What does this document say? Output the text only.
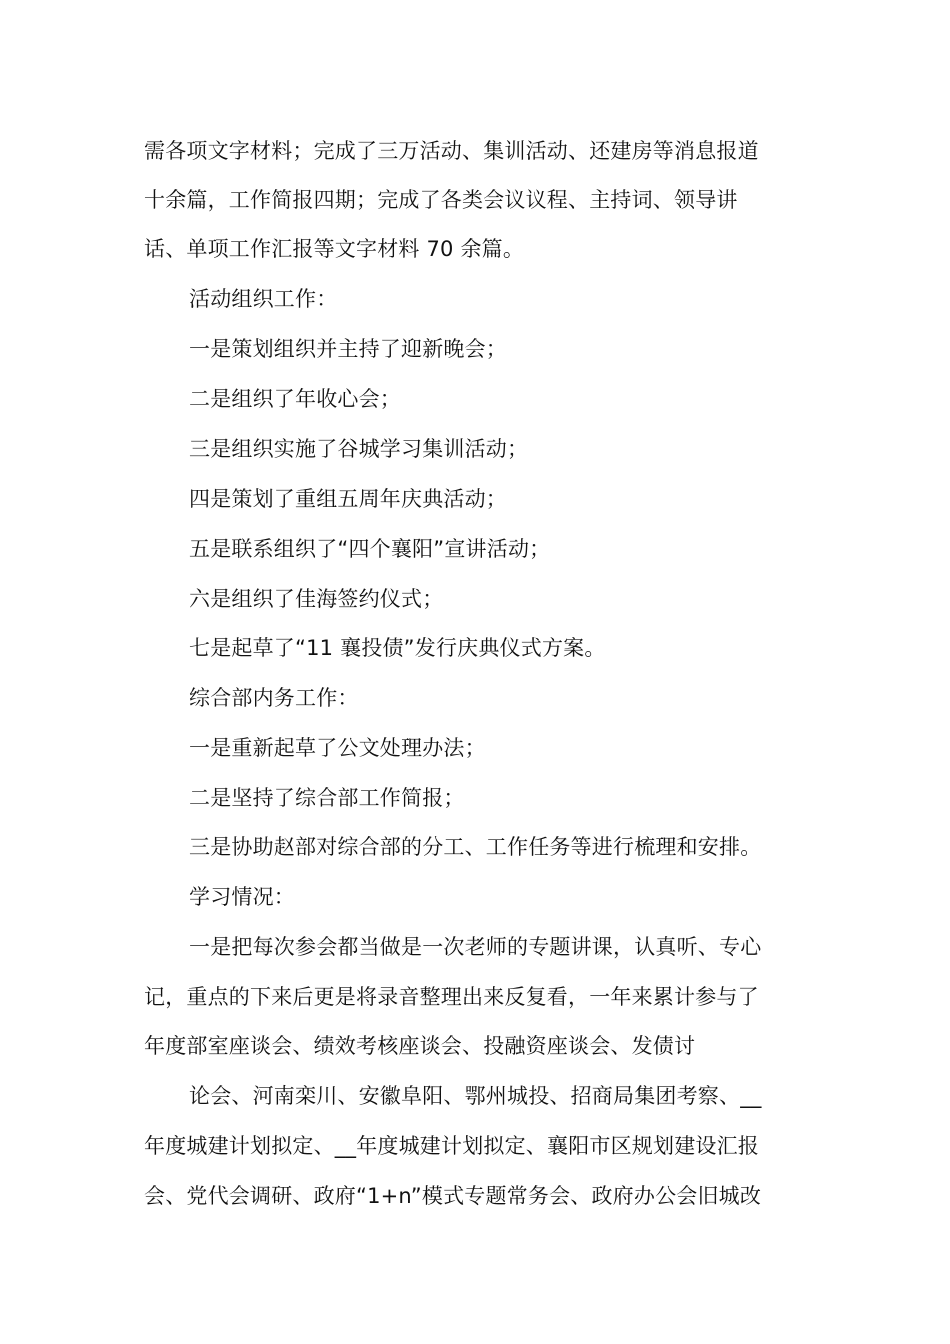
需各项文字材料；完成了三万活动、集训活动、还建房等消息报道
十余篇，工作简报四期；完成了各类会议议程、主持词、领导讲
话、单项工作汇报等文字材料 70 余篇。
活动组织工作：
一是策划组织并主持了迎新晚会；
二是组织了年收心会；
三是组织实施了谷城学习集训活动；
四是策划了重组五周年庆典活动；
五是联系组织了“四个襄阳”宣讲活动；
六是组织了佳海签约仪式；
七是起草了“11 襄投债”发行庆典仪式方案。
综合部内务工作：
一是重新起草了公文处理办法；
二是坚持了综合部工作简报；
三是协助赵部对综合部的分工、工作任务等进行梳理和安排。
学习情况：
一是把每次参会都当做是一次老师的专题讲课，认真听、专心
记，重点的下来后更是将录音整理出来反复看，一年来累计参与了
年度部室座谈会、绩效考核座谈会、投融资座谈会、发债讨
论会、河南栾川、安徽阜阳、鄂州城投、招商局集团考察、__
年度城建计划拟定、__年度城建计划拟定、襄阳市区规划建设汇报
会、党代会调研、政府“1+n”模式专题常务会、政府办公会旧城改
